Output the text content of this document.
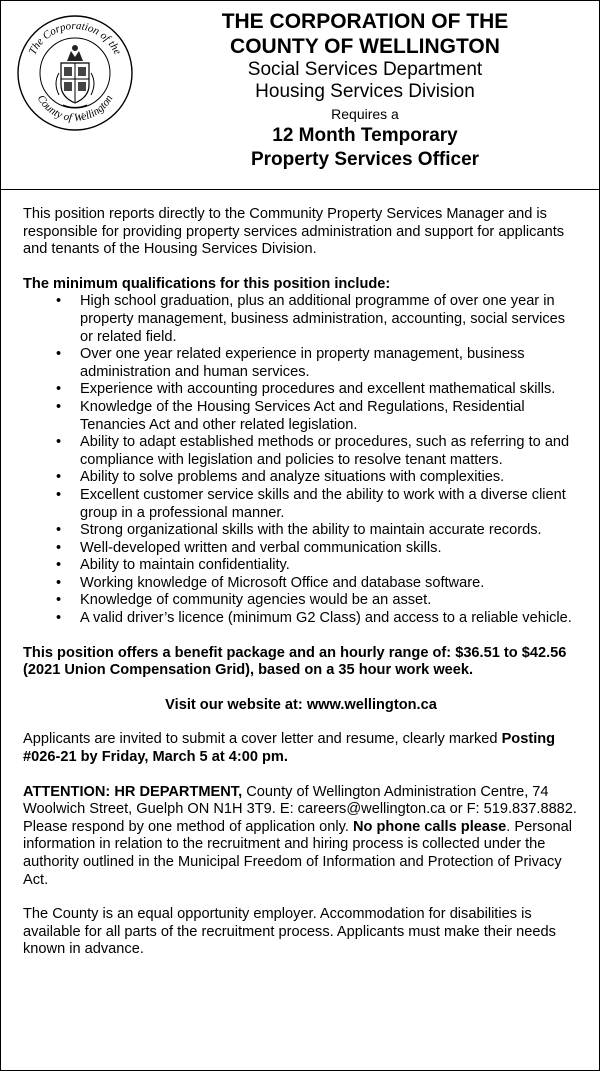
The Corporation of the
County of Wellington
THE CORPORATION OF THE
COUNTY OF WELLINGTON
Social Services Department
Housing Services Division
Requires a
12 Month Temporary
Property Services Officer

This position reports directly to the Community Property Services Manager and is responsible for providing property services administration and support for applicants and tenants of the Housing Services Division.

The minimum qualifications for this position include:

• High school graduation, plus an additional programme of over one year in property management, business administration, accounting, social services or related field.
• Over one year related experience in property management, business administration and human services.
• Experience with accounting procedures and excellent mathematical skills.
• Knowledge of the Housing Services Act and Regulations, Residential Tenancies Act and other related legislation.
• Ability to adapt established methods or procedures, such as referring to and compliance with legislation and policies to resolve tenant matters.
• Ability to solve problems and analyze situations with complexities.
• Excellent customer service skills and the ability to work with a diverse client group in a professional manner.
• Strong organizational skills with the ability to maintain accurate records.
• Well-developed written and verbal communication skills.
• Ability to maintain confidentiality.
• Working knowledge of Microsoft Office and database software.
• Knowledge of community agencies would be an asset.
• A valid driver’s licence (minimum G2 Class) and access to a reliable vehicle.

This position offers a benefit package and an hourly range of: $36.51 to $42.56 (2021 Union Compensation Grid), based on a 35 hour work week.

Visit our website at: www.wellington.ca

Applicants are invited to submit a cover letter and resume, clearly marked Posting #026-21 by Friday, March 5 at 4:00 pm.

ATTENTION: HR DEPARTMENT, County of Wellington Administration Centre, 74 Woolwich Street, Guelph ON N1H 3T9. E: careers@wellington.ca or F: 519.837.8882. Please respond by one method of application only. No phone calls please. Personal information in relation to the recruitment and hiring process is collected under the authority outlined in the Municipal Freedom of Information and Protection of Privacy Act.

The County is an equal opportunity employer. Accommodation for disabilities is available for all parts of the recruitment process. Applicants must make their needs known in advance.
